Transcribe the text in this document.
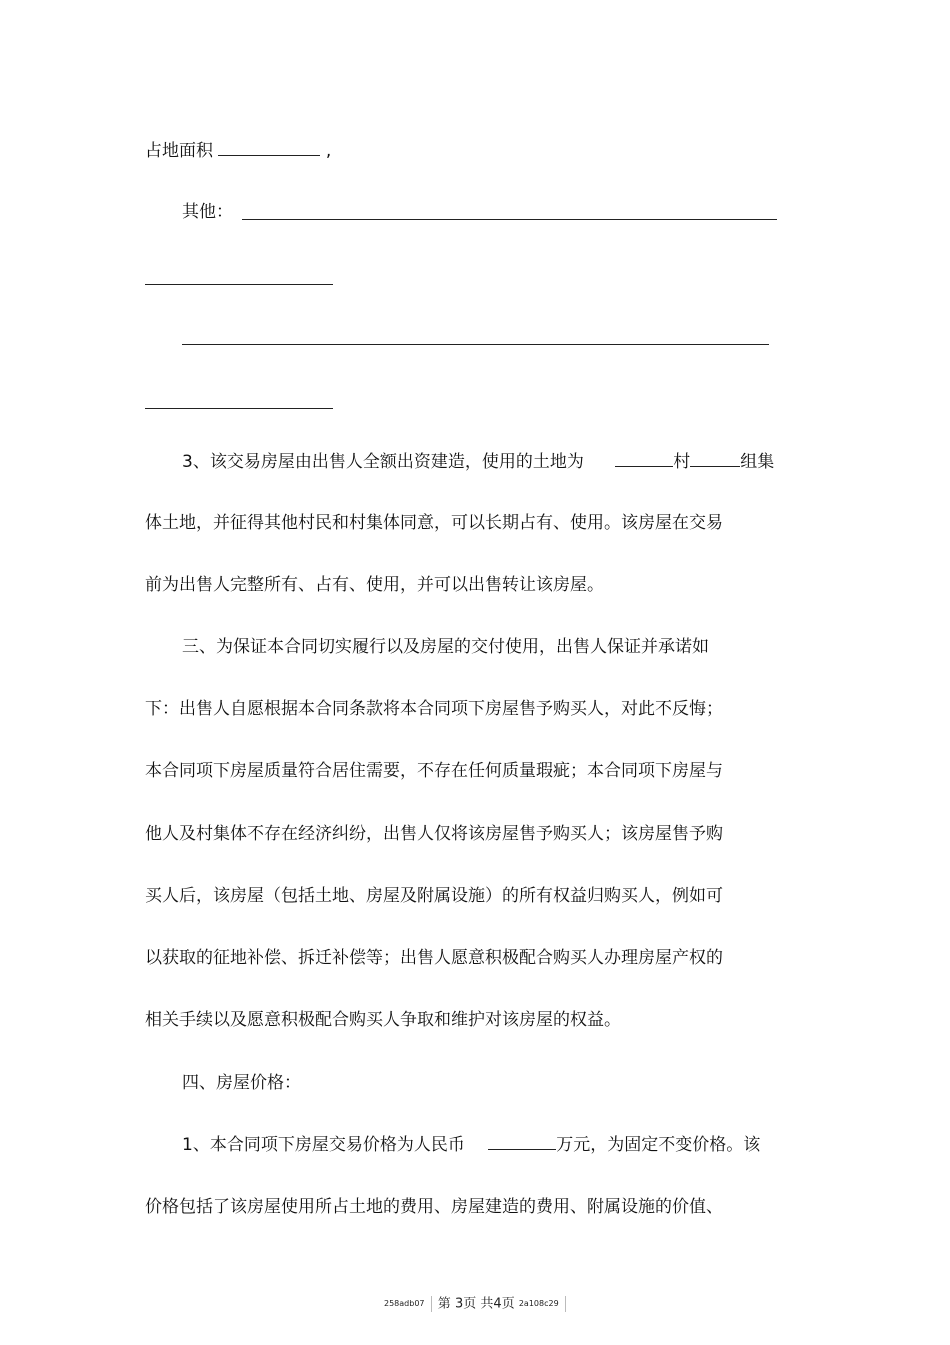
占地面积	,
其他：
3、该交易房屋由出售人全额出资建造，使用的土地为	村	组集
体土地，并征得其他村民和村集体同意，可以长期占有、使用。该房屋在交易
前为出售人完整所有、占有、使用，并可以出售转让该房屋。
三、为保证本合同切实履行以及房屋的交付使用，出售人保证并承诺如
下：出售人自愿根据本合同条款将本合同项下房屋售予购买人，对此不反悔；
本合同项下房屋质量符合居住需要，不存在任何质量瑕疵；本合同项下房屋与
他人及村集体不存在经济纠纷，出售人仅将该房屋售予购买人；该房屋售予购
买人后，该房屋（包括土地、房屋及附属设施）的所有权益归购买人，例如可
以获取的征地补偿、拆迁补偿等；出售人愿意积极配合购买人办理房屋产权的
相关手续以及愿意积极配合购买人争取和维护对该房屋的权益。
四、房屋价格：
1、本合同项下房屋交易价格为人民币	万元，为固定不变价格。该
价格包括了该房屋使用所占土地的费用、房屋建造的费用、附属设施的价值、
258adb07 第 3页 共4页 2a108c29
